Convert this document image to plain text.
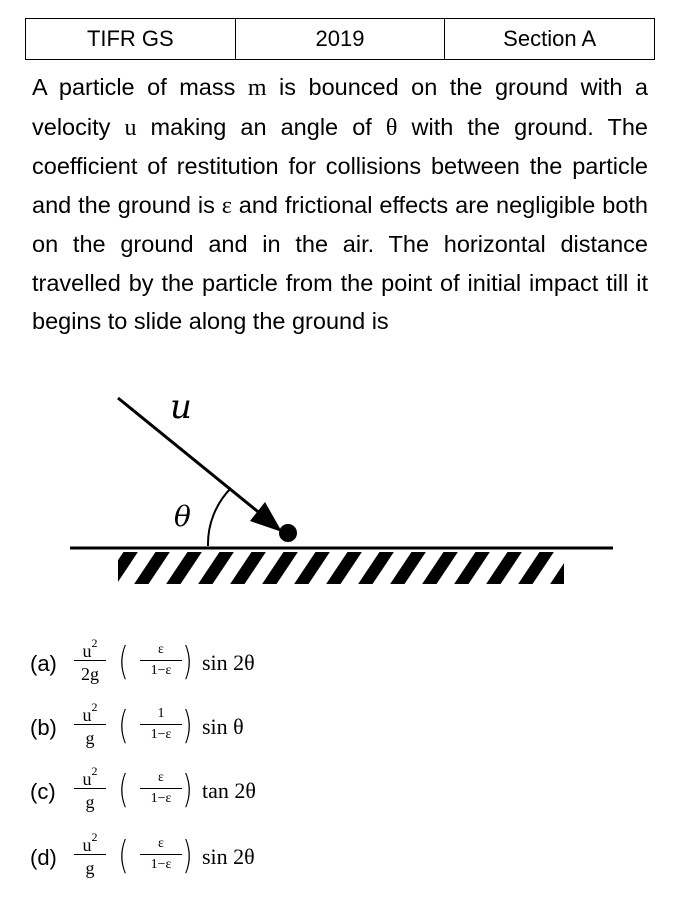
TIFR GS	2019	Section A
A particle of mass m is bounced on the ground with a velocity u making an angle of θ with the ground. The coefficient of restitution for collisions between the particle and the ground is ε and frictional effects are negligible both on the ground and in the air. The horizontal distance travelled by the particle from the point of initial impact till it begins to slide along the ground is
u
θ
(a)	$u^2$
2g (	ε
1−ε ) sin 2θ
(b)	$u^2$
g (	1
1−ε ) sin θ
(c)	$u^2$
g (	ε
1−ε ) tan 2θ
(d)	$u^2$
g (	ε
1−ε ) sin 2θ
